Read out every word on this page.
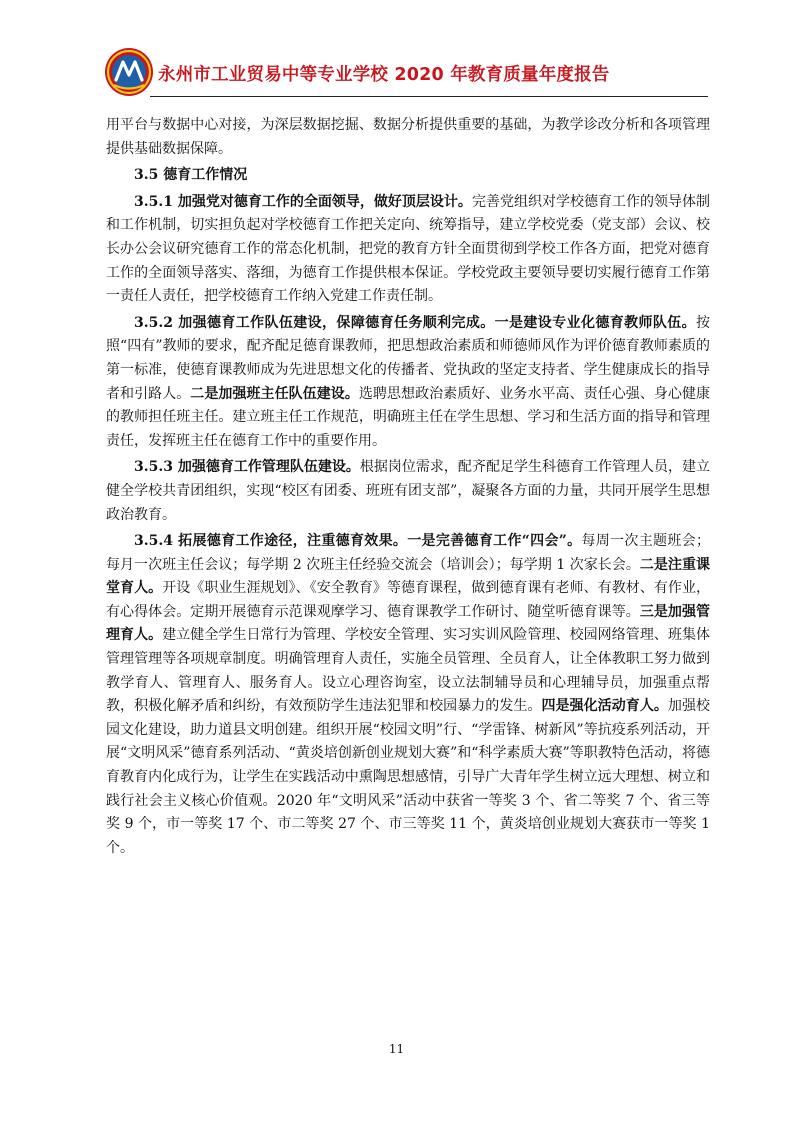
永州市工业贸易中等专业学校 2020 年教育质量年度报告

用平台与数据中心对接，为深层数据挖掘、数据分析提供重要的基础，为教学诊改分析和各项管理提供基础数据保障。

3.5 德育工作情况

3.5.1 加强党对德育工作的全面领导，做好顶层设计。完善党组织对学校德育工作的领导体制和工作机制，切实担负起对学校德育工作把关定向、统筹指导，建立学校党委（党支部）会议、校长办公会议研究德育工作的常态化机制，把党的教育方针全面贯彻到学校工作各方面，把党对德育工作的全面领导落实、落细，为德育工作提供根本保证。学校党政主要领导要切实履行德育工作第一责任人责任，把学校德育工作纳入党建工作责任制。

3.5.2 加强德育工作队伍建设，保障德育任务顺利完成。一是建设专业化德育教师队伍。按照“四有”教师的要求，配齐配足德育课教师，把思想政治素质和师德师风作为评价德育教师素质的第一标准，使德育课教师成为先进思想文化的传播者、党执政的坚定支持者、学生健康成长的指导者和引路人。二是加强班主任队伍建设。选聘思想政治素质好、业务水平高、责任心强、身心健康的教师担任班主任。建立班主任工作规范，明确班主任在学生思想、学习和生活方面的指导和管理责任，发挥班主任在德育工作中的重要作用。

3.5.3 加强德育工作管理队伍建设。根据岗位需求，配齐配足学生科德育工作管理人员，建立健全学校共青团组织，实现“校区有团委、班班有团支部”，凝聚各方面的力量，共同开展学生思想政治教育。

3.5.4 拓展德育工作途径，注重德育效果。一是完善德育工作“四会”。每周一次主题班会；每月一次班主任会议；每学期 2 次班主任经验交流会（培训会）；每学期 1 次家长会。二是注重课堂育人。开设《职业生涯规划》、《安全教育》等德育课程，做到德育课有老师、有教材、有作业，有心得体会。定期开展德育示范课观摩学习、德育课教学工作研讨、随堂听德育课等。三是加强管理育人。建立健全学生日常行为管理、学校安全管理、实习实训风险管理、校园网络管理、班集体管理管理等各项规章制度。明确管理育人责任，实施全员管理、全员育人，让全体教职工努力做到教学育人、管理育人、服务育人。设立心理咨询室，设立法制辅导员和心理辅导员，加强重点帮教，积极化解矛盾和纠纷，有效预防学生违法犯罪和校园暴力的发生。四是强化活动育人。加强校园文化建设，助力道县文明创建。组织开展“校园文明”行、“学雷锋、树新风”等抗疫系列活动，开展“文明风采”德育系列活动、“黄炎培创新创业规划大赛”和“科学素质大赛”等职教特色活动，将德育教育内化成行为，让学生在实践活动中熏陶思想感情，引导广大青年学生树立远大理想、树立和践行社会主义核心价值观。2020 年“文明风采”活动中获省一等奖 3 个、省二等奖 7 个、省三等奖 9 个，市一等奖 17 个、市二等奖 27 个、市三等奖 11 个，黄炎培创业规划大赛获市一等奖 1 个。

11
